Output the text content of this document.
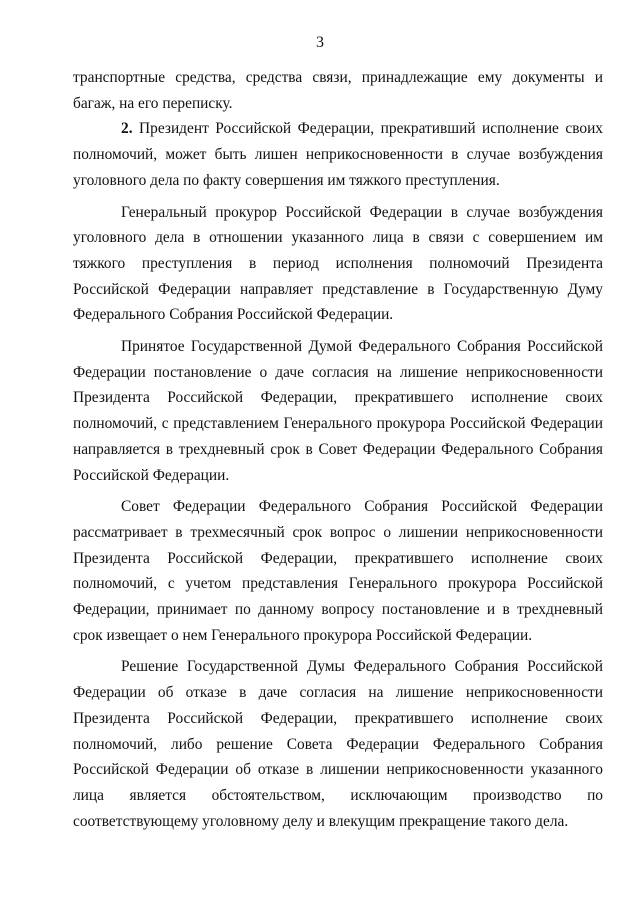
3

транспортные средства, средства связи, принадлежащие ему документы и багаж, на его переписку.

2. Президент Российской Федерации, прекративший исполнение своих полномочий, может быть лишен неприкосновенности в случае возбуждения уголовного дела по факту совершения им тяжкого преступления.

Генеральный прокурор Российской Федерации в случае возбуждения уголовного дела в отношении указанного лица в связи с совершением им тяжкого преступления в период исполнения полномочий Президента Российской Федерации направляет представление в Государственную Думу Федерального Собрания Российской Федерации.

Принятое Государственной Думой Федерального Собрания Российской Федерации постановление о даче согласия на лишение неприкосновенности Президента Российской Федерации, прекратившего исполнение своих полномочий, с представлением Генерального прокурора Российской Федерации направляется в трехдневный срок в Совет Федерации Федерального Собрания Российской Федерации.

Совет Федерации Федерального Собрания Российской Федерации рассматривает в трехмесячный срок вопрос о лишении неприкосновенности Президента Российской Федерации, прекратившего исполнение своих полномочий, с учетом представления Генерального прокурора Российской Федерации, принимает по данному вопросу постановление и в трехдневный срок извещает о нем Генерального прокурора Российской Федерации.

Решение Государственной Думы Федерального Собрания Российской Федерации об отказе в даче согласия на лишение неприкосновенности Президента Российской Федерации, прекратившего исполнение своих полномочий, либо решение Совета Федерации Федерального Собрания Российской Федерации об отказе в лишении неприкосновенности указанного лица является обстоятельством, исключающим производство по соответствующему уголовному делу и влекущим прекращение такого дела.
